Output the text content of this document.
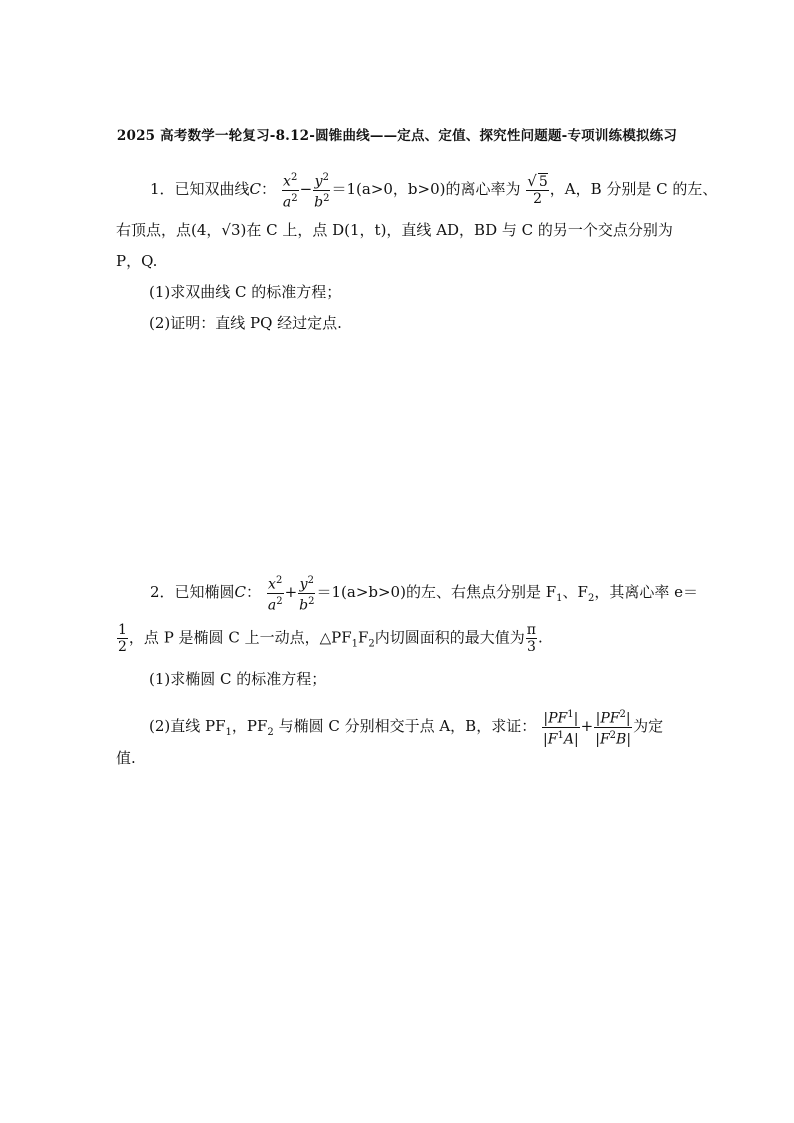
2025 高考数学一轮复习-8.12-圆锥曲线——定点、定值、探究性问题题-专项训练模拟练习
1．已知双曲线C： $\frac{x^2}{a^2} - \frac{y^2}{b^2} =1(a>0$，b>0)的离心率为 $\frac{√ 5}{2}$ ，A，B 分别是 C 的左、
右顶点，点(4，√3)在 C 上，点 D(1，t)，直线 AD，BD 与 C 的另一个交点分别为
P，Q.
(1)求双曲线 C 的标准方程；
(2)证明：直线 PQ 经过定点.
2．已知椭圆C： $\frac{x^2}{a^2} + \frac{y^2}{b^2} =1(a>b>0)$的左、右焦点分别是 $F_1$、$F_2$，其离心率 e＝
$\frac{1}{2}$ ，点 P 是椭圆 C 上一动点，$\triangle PF_1F_2$内切圆面积的最大值为 $\frac{\pi}{3}$ .
(1)求椭圆 C 的标准方程；
(2)直线 $PF_1$，$PF_2$ 与椭圆 C 分别相交于点 A，B，求证： $\frac{|PF^1|}{|F^1A|} + \frac{|PF^2|}{|F^2B|}$ 为定
值.
